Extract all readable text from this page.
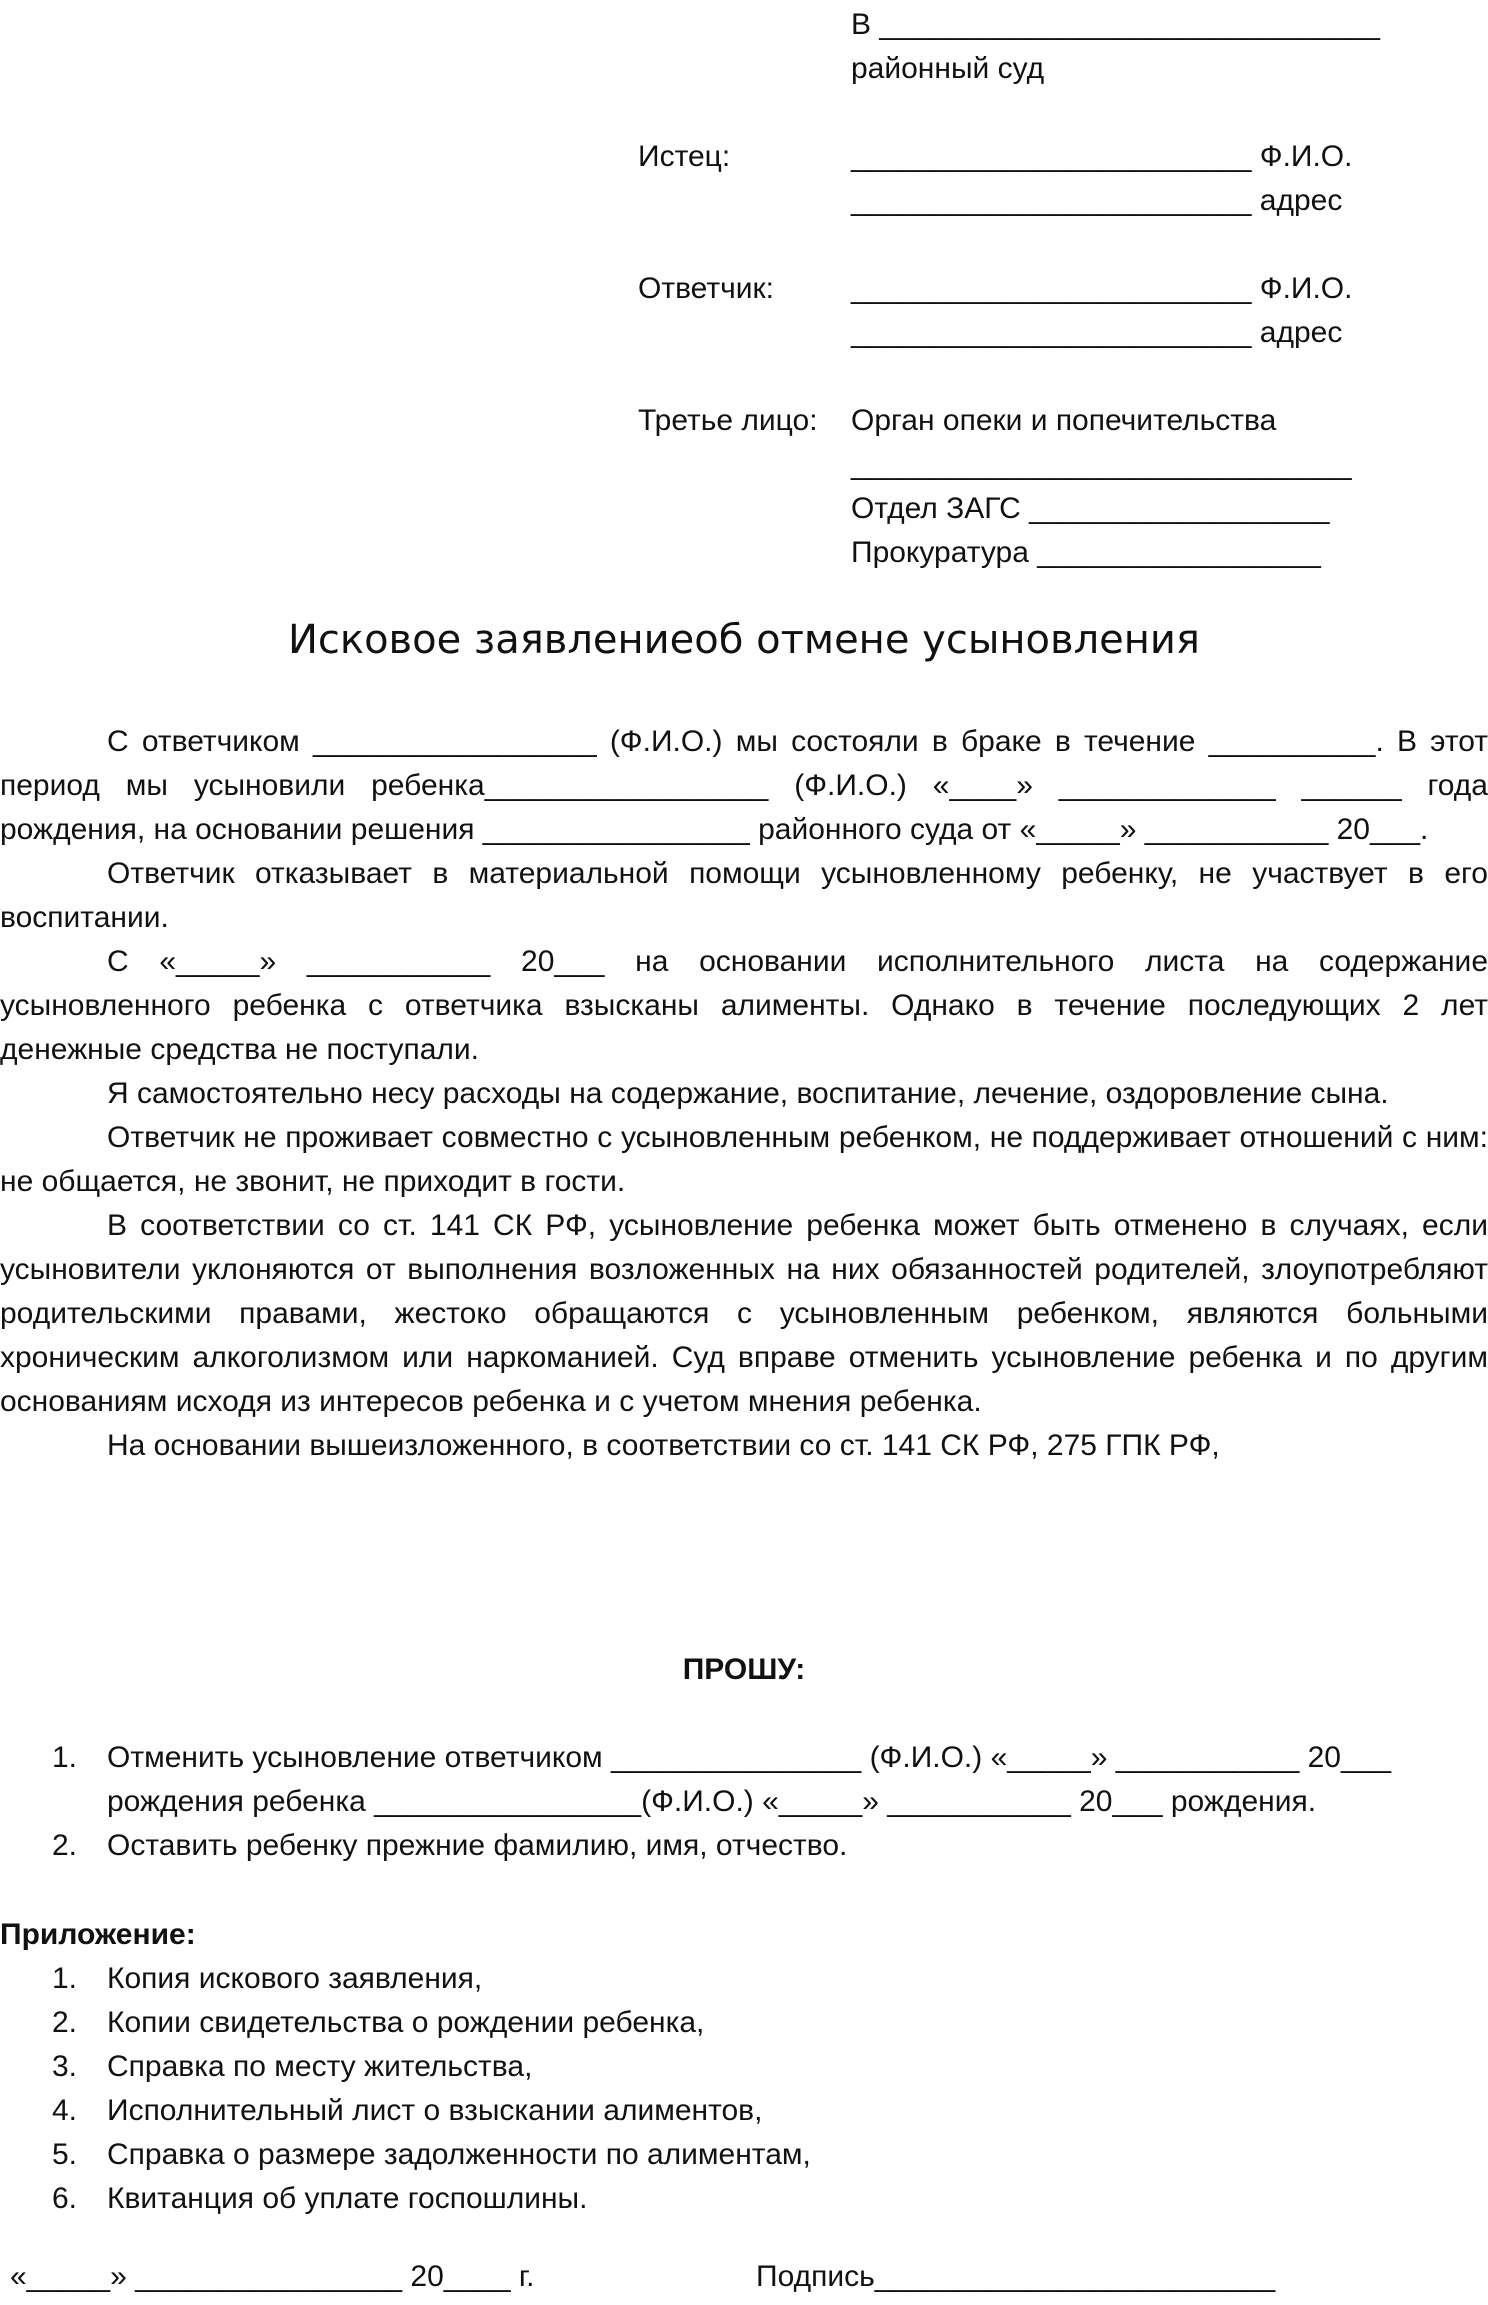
В ______________________________
районный суд
Истец:	________________________ Ф.И.О.
________________________ адрес
Ответчик:	________________________ Ф.И.О.
________________________ адрес
Третье лицо: Орган опеки и попечительства
______________________________
Отдел ЗАГС __________________
Прокуратура _________________
Исковое заявлениеоб отмене усыновления

С ответчиком _________________ (Ф.И.О.) мы состояли в браке в течение __________. В этот период мы усыновили ребенка_________________ (Ф.И.О.) «____» _____________ ______ года рождения, на основании решения ________________ районного суда от «_____» ___________ 20___.

Ответчик отказывает в материальной помощи усыновленному ребенку, не участвует в его воспитании.

С «_____» ___________ 20___ на основании исполнительного листа на содержание усыновленного ребенка с ответчика взысканы алименты. Однако в течение последующих 2 лет денежные средства не поступали.

Я самостоятельно несу расходы на содержание, воспитание, лечение, оздоровление сына.

Ответчик не проживает совместно с усыновленным ребенком, не поддерживает отношений с ним: не общается, не звонит, не приходит в гости.

В соответствии со ст. 141 СК РФ, усыновление ребенка может быть отменено в случаях, если усыновители уклоняются от выполнения возложенных на них обязанностей родителей, злоупотребляют родительскими правами, жестоко обращаются с усыновленным ребенком, являются больными хроническим алкоголизмом или наркоманией. Суд вправе отменить усыновление ребенка и по другим основаниям исходя из интересов ребенка и с учетом мнения ребенка.

На основании вышеизложенного, в соответствии со ст. 141 СК РФ, 275 ГПК РФ,

ПРОШУ:
1. Отменить усыновление ответчиком _______________ (Ф.И.О.) «_____» ___________ 20___ рождения ребенка ________________(Ф.И.О.) «_____» ___________ 20___ рождения.
2. Оставить ребенку прежние фамилию, имя, отчество.
Приложение:
1. Копия искового заявления,
2. Копии свидетельства о рождении ребенка,
3. Справка по месту жительства,
4. Исполнительный лист о взыскании алиментов,
5. Справка о размере задолженности по алиментам,
6. Квитанция об уплате госпошлины.
«_____» ________________ 20____ г.	Подпись________________________
